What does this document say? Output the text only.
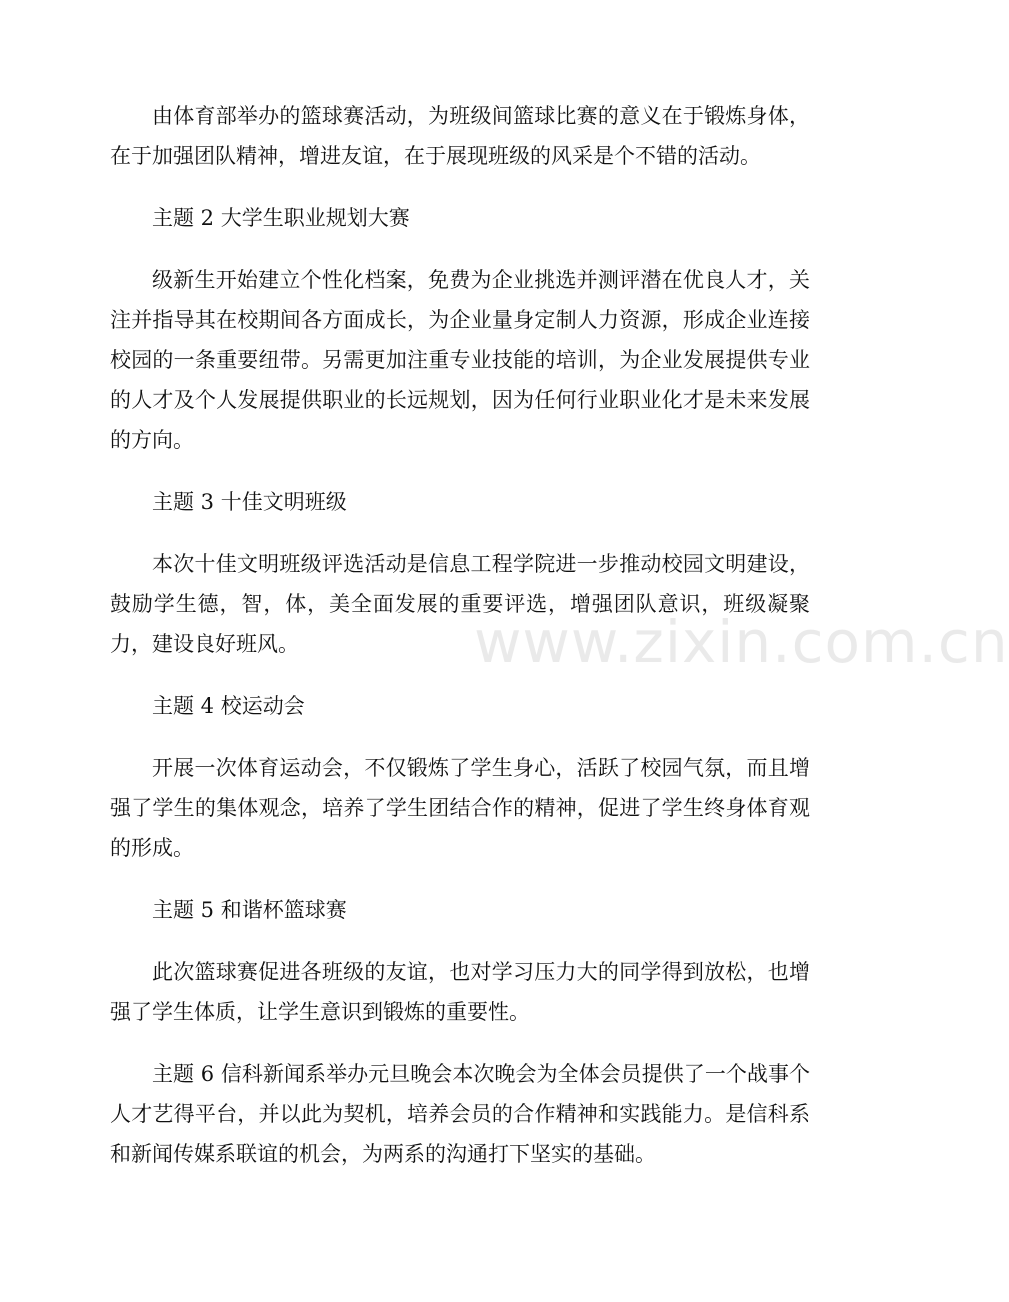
由体育部举办的篮球赛活动，为班级间篮球比赛的意义在于锻炼身体，在于加强团队精神，增进友谊，在于展现班级的风采是个不错的活动。

主题 2 大学生职业规划大赛

级新生开始建立个性化档案，免费为企业挑选并测评潜在优良人才，关注并指导其在校期间各方面成长，为企业量身定制人力资源，形成企业连接校园的一条重要纽带。另需更加注重专业技能的培训，为企业发展提供专业的人才及个人发展提供职业的长远规划，因为任何行业职业化才是未来发展的方向。

主题 3 十佳文明班级

本次十佳文明班级评选活动是信息工程学院进一步推动校园文明建设，鼓励学生德，智，体，美全面发展的重要评选，增强团队意识，班级凝聚力，建设良好班风。

主题 4 校运动会

开展一次体育运动会，不仅锻炼了学生身心，活跃了校园气氛，而且增强了学生的集体观念，培养了学生团结合作的精神，促进了学生终身体育观的形成。

主题 5 和谐杯篮球赛

此次篮球赛促进各班级的友谊，也对学习压力大的同学得到放松，也增强了学生体质，让学生意识到锻炼的重要性。

主题 6 信科新闻系举办元旦晚会本次晚会为全体会员提供了一个战事个人才艺得平台，并以此为契机，培养会员的合作精神和实践能力。是信科系和新闻传媒系联谊的机会，为两系的沟通打下坚实的基础。

www.zixin.com.cn
